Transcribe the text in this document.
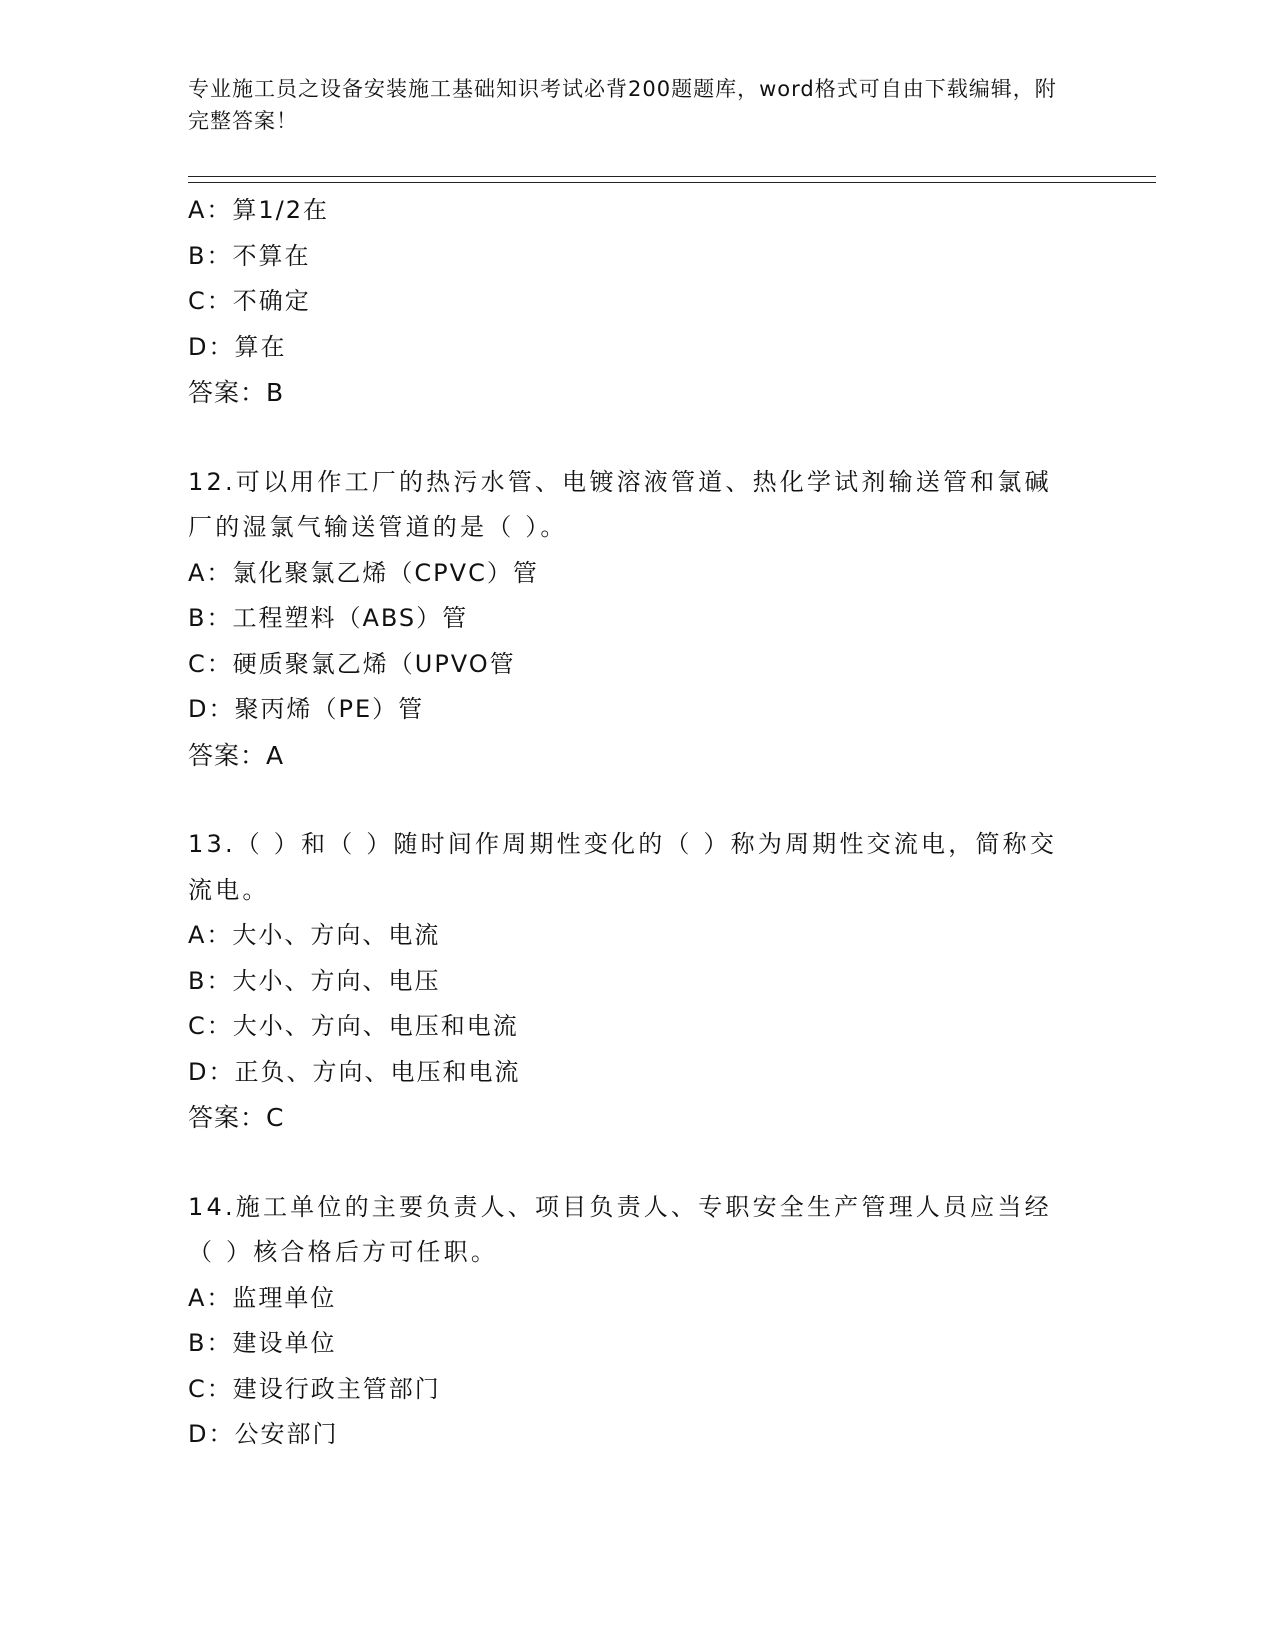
专业施工员之设备安装施工基础知识考试必背200题题库，word格式可自由下载编辑，附完整答案！
A：算1/2在
B：不算在
C：不确定
D：算在
答案：B
12.可以用作工厂的热污水管、电镀溶液管道、热化学试剂输送管和氯碱厂的湿氯气输送管道的是（ ）。
A：氯化聚氯乙烯（CPVC）管
B：工程塑料（ABS）管
C：硬质聚氯乙烯（UPVO管
D：聚丙烯（PE）管
答案：A
13.（ ）和（ ）随时间作周期性变化的（ ）称为周期性交流电，简称交流电。
A：大小、方向、电流
B：大小、方向、电压
C：大小、方向、电压和电流
D：正负、方向、电压和电流
答案：C
14.施工单位的主要负责人、项目负责人、专职安全生产管理人员应当经（ ）核合格后方可任职。
A：监理单位
B：建设单位
C：建设行政主管部门
D：公安部门
